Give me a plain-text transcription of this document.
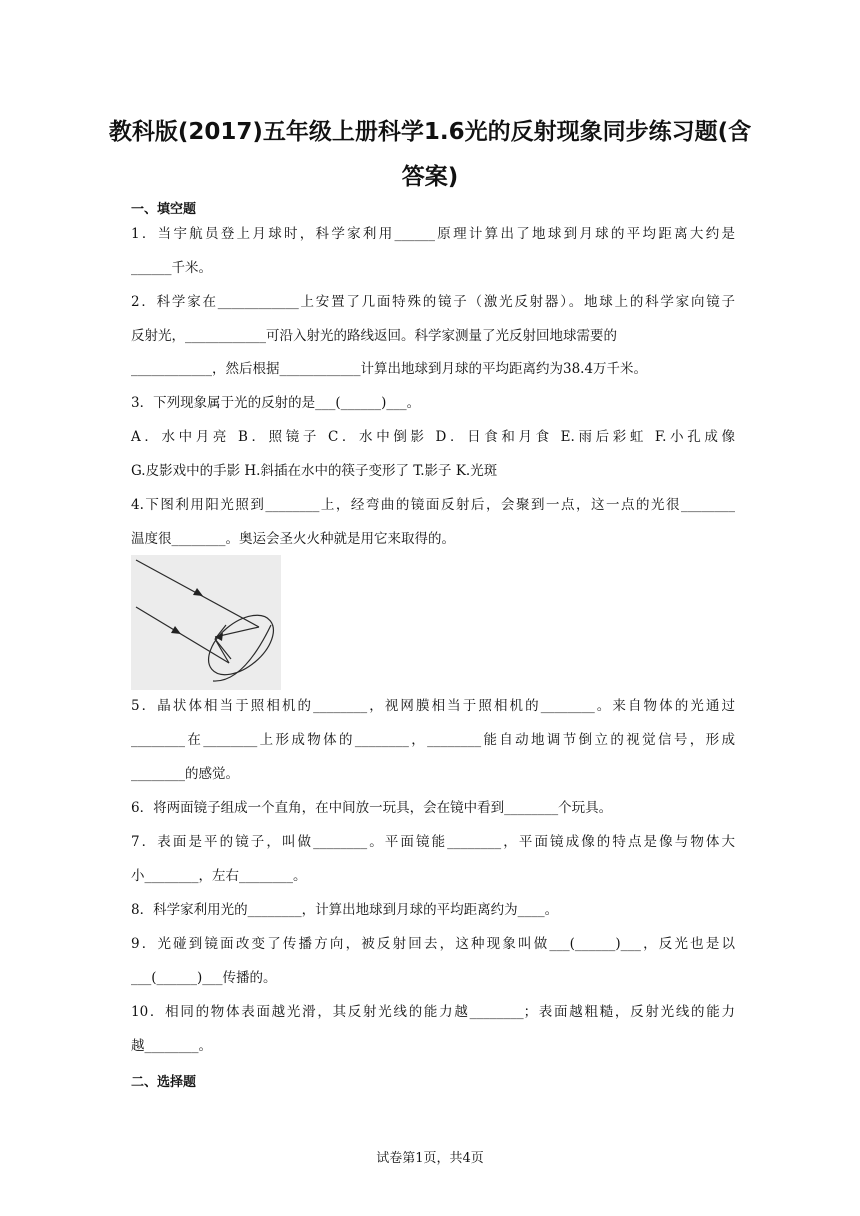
教科版(2017)五年级上册科学1.6光的反射现象同步练习题(含
答案)
一、填空题
1．当宇航员登上月球时，科学家利用______原理计算出了地球到月球的平均距离大约是
______千米。
2．科学家在____________上安置了几面特殊的镜子（激光反射器）。地球上的科学家向镜子
反射光，____________可沿入射光的路线返回。科学家测量了光反射回地球需要的
____________，然后根据____________计算出地球到月球的平均距离约为38.4万千米。
3．下列现象属于光的反射的是___(______)___。
A．水中月亮 B．照镜子 C．水中倒影 D．日食和月食 E.雨后彩虹 F.小孔成像
G.皮影戏中的手影 H.斜插在水中的筷子变形了 T.影子 K.光斑
4.下图利用阳光照到________上，经弯曲的镜面反射后，会聚到一点，这一点的光很________
温度很________。奥运会圣火火种就是用它来取得的。
5．晶状体相当于照相机的________，视网膜相当于照相机的________。来自物体的光通过
________在________上形成物体的________，________能自动地调节倒立的视觉信号，形成
________的感觉。
6．将两面镜子组成一个直角，在中间放一玩具，会在镜中看到________个玩具。
7．表面是平的镜子，叫做________。平面镜能________，平面镜成像的特点是像与物体大
小________，左右________。
8．科学家利用光的________，计算出地球到月球的平均距离约为____。
9．光碰到镜面改变了传播方向，被反射回去，这种现象叫做___(______)___，反光也是以
___(______)___传播的。
10．相同的物体表面越光滑，其反射光线的能力越________；表面越粗糙，反射光线的能力
越________。
二、选择题
试卷第1页，共4页
